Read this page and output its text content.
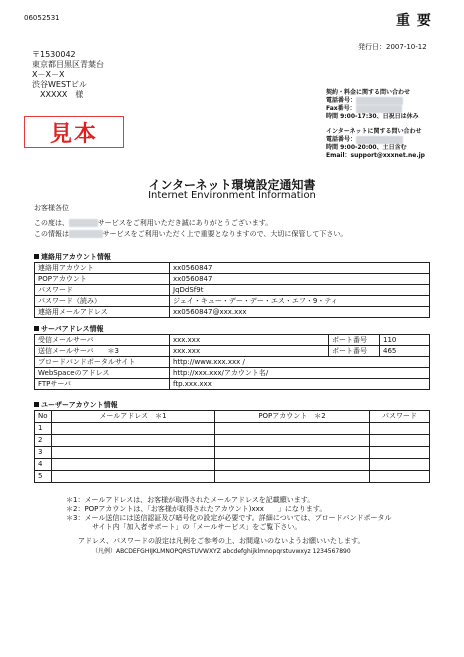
06052531	重 要
発行日：2007-10-12
〒1530042
東京都目黒区青葉台
X－X－X
渋谷WESTビル
XXXXX　様
見本
契約・料金に関する問い合わせ
電話番号：
Fax番号：
時間 9:00-17:30、日祝日は休み
インターネットに関する問い合わせ
電話番号：
時間 9:00-20:00、土日含む
Email：support@xxxnet.ne.jp
インターネット環境設定通知書
Internet Environment Information
お客様各位
この度は、	サービスをご利用いただき誠にありがとうございます。
この情報は	サービスをご利用いただく上で重要となりますので、大切に保管して下さい。
連絡用アカウント情報
連絡用アカウント	xx0560847
POPアカウント	xx0560847
パスワード	JqDdSf9t
パスワード（読み）	ジェイ・キュー・デー・デー・エス・エフ・9・ティ
連絡用メールアドレス	xx0560847@xxx.xxx
サーバアドレス情報
受信メールサーバ	xxx.xxx	ポート番号	110
送信メールサーバ　　＊3	xxx.xxx	ポート番号	465
ブロードバンドポータルサイト	http://www.xxx.xxx /		
WebSpaceのアドレス	http://xxx.xxx/アカウント名/		
FTPサーバ	ftp.xxx.xxx		
ユーザーアカウント情報
No	メールアドレス　＊1	POPアカウント　＊2	パスワード
1			
2			
3			
4			
5			
＊1：メールアドレスは、お客様が取得されたメールアドレスを記載願います。
＊2：POPアカウントは、「お客様が取得されたアカウント)xxx　　」になります。
＊3：メール送信には送信認証及び暗号化の設定が必要です。詳細については、ブロードバンドポータル
サイト内「加入者サポート」の「メールサービス」をご覧下さい。
アドレス、パスワードの設定は凡例をご参考の上、お間違いのないようお願いいたします。
（凡例）ABCDEFGHIJKLMNOPQRSTUVWXYZ abcdefghijklmnopqrstuvwxyz 1234567890
